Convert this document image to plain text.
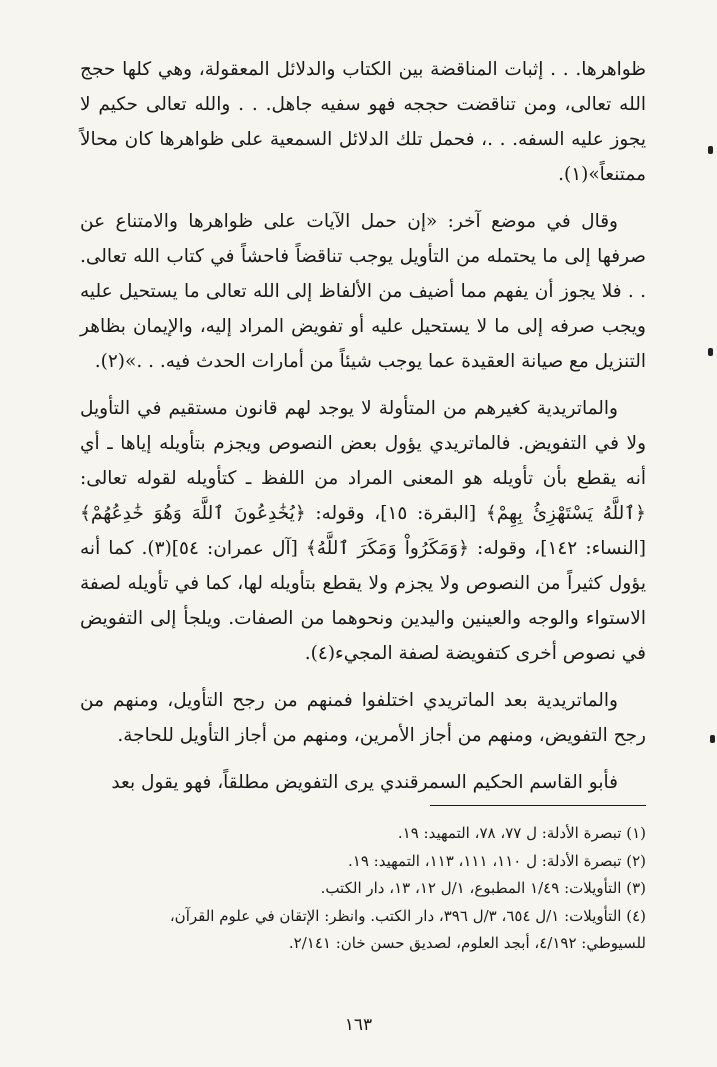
ظواهرها. . . إثبات المناقضة بين الكتاب والدلائل المعقولة، وهي كلها حجج الله تعالى، ومن تناقضت حججه فهو سفيه جاهل. . . والله تعالى حكيم لا يجوز عليه السفه. . .، فحمل تلك الدلائل السمعية على ظواهرها كان محالاً ممتنعاً»(١).

وقال في موضع آخر: «إن حمل الآيات على ظواهرها والامتناع عن صرفها إلى ما يحتمله من التأويل يوجب تناقضاً فاحشاً في كتاب الله تعالى. . . فلا يجوز أن يفهم مما أضيف من الألفاظ إلى الله تعالى ما يستحيل عليه ويجب صرفه إلى ما لا يستحيل عليه أو تفويض المراد إليه، والإيمان بظاهر التنزيل مع صيانة العقيدة عما يوجب شيئاً من أمارات الحدث فيه. . .»(٢).

والماتريدية كغيرهم من المتأولة لا يوجد لهم قانون مستقيم في التأويل ولا في التفويض. فالماتريدي يؤول بعض النصوص ويجزم بتأويله إياها ـ أي أنه يقطع بأن تأويله هو المعنى المراد من اللفظ ـ كتأويله لقوله تعالى: ﴿ٱللَّهُ يَسْتَهْزِئُ بِهِمْ﴾ [البقرة: ١٥]، وقوله: ﴿يُخَٰدِعُونَ ٱللَّهَ وَهُوَ خَٰدِعُهُمْ﴾ [النساء: ١٤٢]، وقوله: ﴿وَمَكَرُواْ وَمَكَرَ ٱللَّهُ﴾ [آل عمران: ٥٤](٣). كما أنه يؤول كثيراً من النصوص ولا يجزم ولا يقطع بتأويله لها، كما في تأويله لصفة الاستواء والوجه والعينين واليدين ونحوهما من الصفات. ويلجأ إلى التفويض في نصوص أخرى كتفويضة لصفة المجيء(٤).

والماتريدية بعد الماتريدي اختلفوا فمنهم من رجح التأويل، ومنهم من رجح التفويض، ومنهم من أجاز الأمرين، ومنهم من أجاز التأويل للحاجة.

فأبو القاسم الحكيم السمرقندي يرى التفويض مطلقاً، فهو يقول بعد

(١) تبصرة الأدلة: ل ٧٧، ٧٨، التمهيد: ١٩.

(٢) تبصرة الأدلة: ل ١١٠، ١١١، ١١٣، التمهيد: ١٩.

(٣) التأويلات: ١/٤٩ المطبوع، ١/ل ١٢، ١٣، دار الكتب.

(٤) التأويلات: ١/ل ٦٥٤، ٣/ل ٣٩٦، دار الكتب. وانظر: الإتقان في علوم القرآن،

للسيوطي: ٤/١٩٢، أبجد العلوم، لصديق حسن خان: ٢/١٤١.

١٦٣
